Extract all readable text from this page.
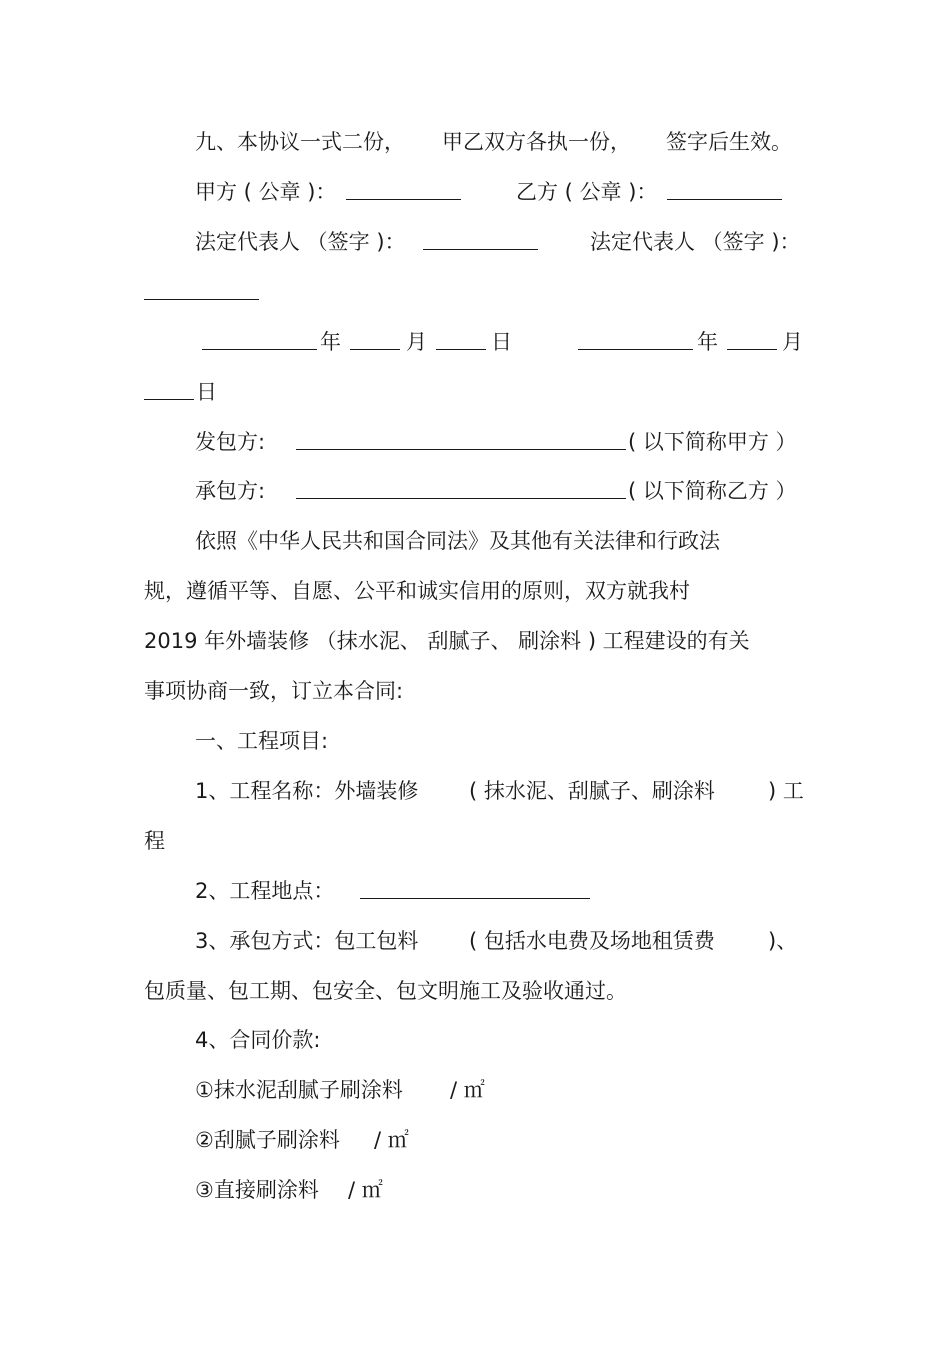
九、本协议一式二份， 甲乙双方各执一份， 签字后生效。
甲方 ( 公章 )：	乙方 ( 公章 )：
法定代表人 （签字 )：	法定代表人 （签字 )：
年	月	日	年	月
日
发包方:	( 以下简称甲方 ）
承包方:	( 以下简称乙方 ）
依照《中华人民共和国合同法》及其他有关法律和行政法
规，遵循平等、自愿、公平和诚实信用的原则，双方就我村
2019 年外墙装修 （抹水泥、 刮腻子、 刷涂料 ) 工程建设的有关
事项协商一致，订立本合同:
一、工程项目:
1、工程名称：外墙装修 ( 抹水泥、刮腻子、刷涂料	) 工
程
2、工程地点：
3、承包方式：包工包料 ( 包括水电费及场地租赁费	)、
包质量、包工期、包安全、包文明施工及验收通过。
4、合同价款:
①抹水泥刮腻子刷涂料 / ㎡
②刮腻子刷涂料 / ㎡
③直接刷涂料 / ㎡
